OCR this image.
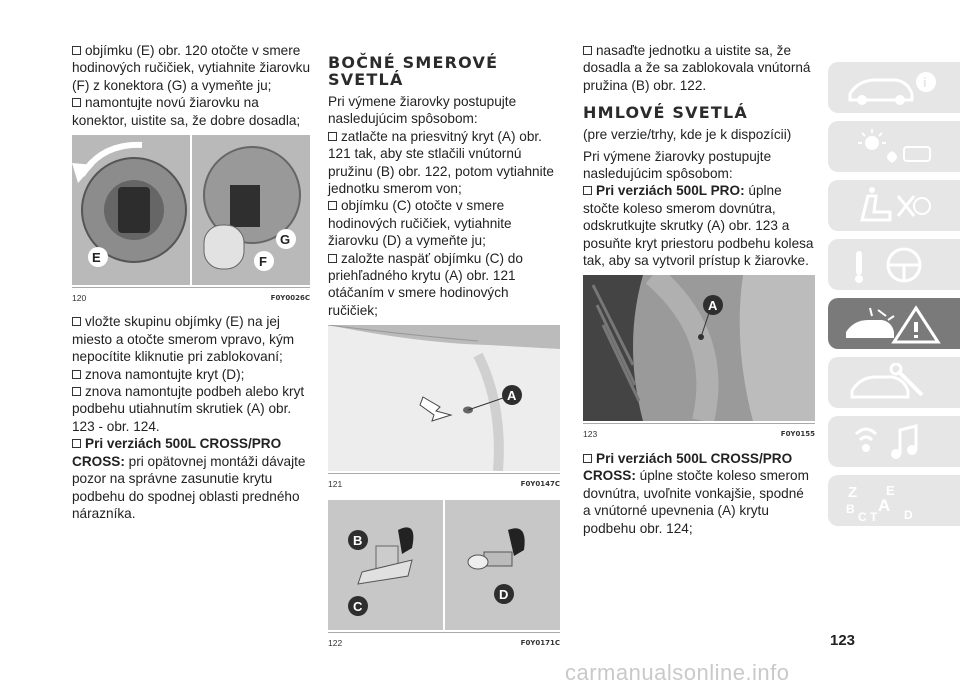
objímku (E) obr. 120 otočte v smere hodinových ručičiek, vytiahnite žiarovku (F) z konektora (G) a vymeňte ju;

namontujte novú žiarovku na konektor, uistite sa, že dobre dosadla;

E	F
G
120	F0Y0026C

vložte skupinu objímky (E) na jej miesto a otočte smerom vpravo, kým nepocítite kliknutie pri zablokovaní;

znova namontujte kryt (D);

znova namontujte podbeh alebo kryt podbehu utiahnutím skrutiek (A) obr. 123 - obr. 124.

Pri verziách 500L CROSS/PRO CROSS: pri opätovnej montáži dávajte pozor na správne zasunutie krytu podbehu do spodnej oblasti predného nárazníka.

BOČNÉ SMEROVÉ SVETLÁ

Pri výmene žiarovky postupujte nasledujúcim spôsobom:

zatlačte na priesvitný kryt (A) obr. 121 tak, aby ste stlačili vnútornú pružinu (B) obr. 122, potom vytiahnite jednotku smerom von;

objímku (C) otočte v smere hodinových ručičiek, vytiahnite žiarovku (D) a vymeňte ju;

založte naspäť objímku (C) do priehľadného krytu (A) obr. 121 otáčaním v smere hodinových ručičiek;

A
121	F0Y0147C
B
C
D
122	F0Y0171C

nasaďte jednotku a uistite sa, že dosadla a že sa zablokovala vnútorná pružina (B) obr. 122.

HMLOVÉ SVETLÁ

(pre verzie/trhy, kde je k dispozícii)

Pri výmene žiarovky postupujte nasledujúcim spôsobom:

Pri verziách 500L PRO: úplne stočte koleso smerom dovnútra, odskrutkujte skrutky (A) obr. 123 a posuňte kryt priestoru podbehu kolesa tak, aby sa vytvoril prístup k žiarovke.

A
123	F0Y0155

Pri verziách 500L CROSS/PRO CROSS: úplne stočte koleso smerom dovnútra, uvoľnite vonkajšie, spodné a vnútorné upevnenia (A) krytu podbehu obr. 124;

i
Z E
B A
C T D
123
carmanualsonline.info
